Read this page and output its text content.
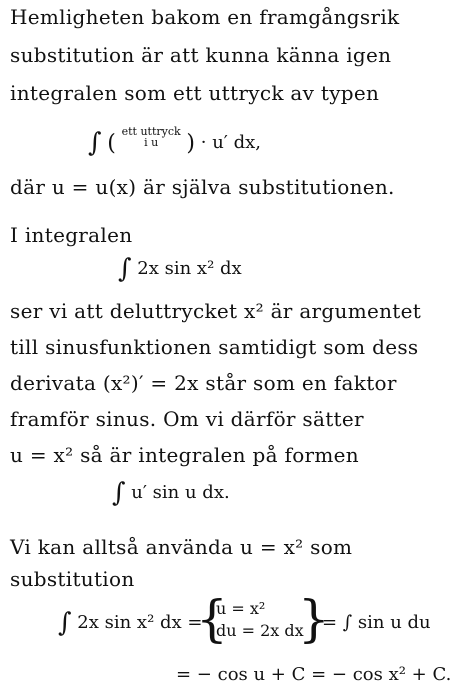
Hemligheten bakom en framgångsrik
substitution är att kunna känna igen
integralen som ett uttryck av typen
∫ ( ett uttryck
i u ) · u′ dx,
där u = u(x) är själva substitutionen.
I integralen
∫ 2x sin x² dx
ser vi att deluttrycket x² är argumentet
till sinusfunktionen samtidigt som dess
derivata (x²)′ = 2x står som en faktor
framför sinus. Om vi därför sätter
u = x² så är integralen på formen
∫ u′ sin u dx.
Vi kan alltså använda u = x² som
substitution
∫ 2x sin x² dx =
{
u = x²
du = 2x dx
}
= ∫ sin u du
= − cos u + C = − cos x² + C.
